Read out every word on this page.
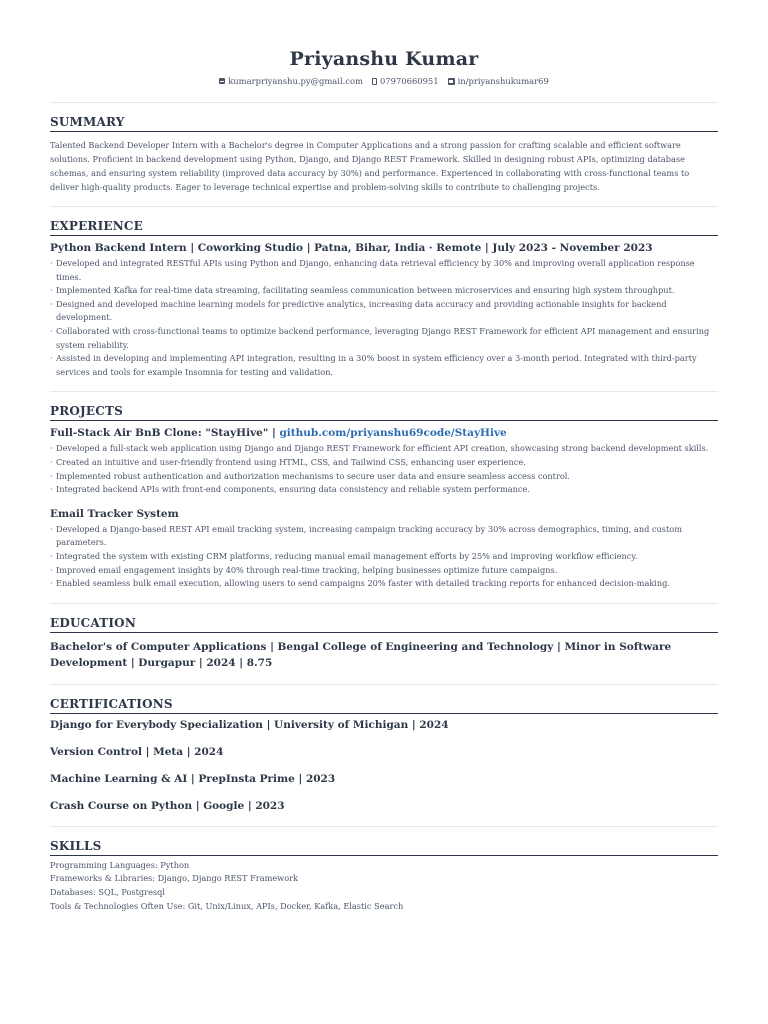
Priyanshu Kumar
kumarpriyanshu.py@gmail.com 07970660951 in/priyanshukumar69
SUMMARY

Talented Backend Developer Intern with a Bachelor's degree in Computer Applications and a strong passion for crafting scalable and efficient software solutions. Proficient in backend development using Python, Django, and Django REST Framework. Skilled in designing robust APIs, optimizing database schemas, and ensuring system reliability (improved data accuracy by 30%) and performance. Experienced in collaborating with cross-functional teams to deliver high-quality products. Eager to leverage technical expertise and problem-solving skills to contribute to challenging projects.

EXPERIENCE
Python Backend Intern | Coworking Studio | Patna, Bihar, India · Remote | July 2023 - November 2023
· Developed and integrated RESTful APIs using Python and Django, enhancing data retrieval efficiency by 30% and improving overall application response times.
· Implemented Kafka for real-time data streaming, facilitating seamless communication between microservices and ensuring high system throughput.
· Designed and developed machine learning models for predictive analytics, increasing data accuracy and providing actionable insights for backend development.
· Collaborated with cross-functional teams to optimize backend performance, leveraging Django REST Framework for efficient API management and ensuring system reliability.
· Assisted in developing and implementing API integration, resulting in a 30% boost in system efficiency over a 3-month period. Integrated with third-party services and tools for example Insomnia for testing and validation.
PROJECTS
Full-Stack Air BnB Clone: "StayHive" | github.com/priyanshu69code/StayHive
· Developed a full-stack web application using Django and Django REST Framework for efficient API creation, showcasing strong backend development skills.
· Created an intuitive and user-friendly frontend using HTML, CSS, and Tailwind CSS, enhancing user experience.
· Implemented robust authentication and authorization mechanisms to secure user data and ensure seamless access control.
· Integrated backend APIs with front-end components, ensuring data consistency and reliable system performance.
Email Tracker System
· Developed a Django-based REST API email tracking system, increasing campaign tracking accuracy by 30% across demographics, timing, and custom parameters.
· Integrated the system with existing CRM platforms, reducing manual email management efforts by 25% and improving workflow efficiency.
· Improved email engagement insights by 40% through real-time tracking, helping businesses optimize future campaigns.
· Enabled seamless bulk email execution, allowing users to send campaigns 20% faster with detailed tracking reports for enhanced decision-making.
EDUCATION
Bachelor's of Computer Applications | Bengal College of Engineering and Technology | Minor in Software Development | Durgapur | 2024 | 8.75
CERTIFICATIONS
Django for Everybody Specialization | University of Michigan | 2024
Version Control | Meta | 2024
Machine Learning & AI | PrepInsta Prime | 2023
Crash Course on Python | Google | 2023
SKILLS
Programming Languages: Python
Frameworks & Libraries: Django, Django REST Framework
Databases: SQL, Postgresql
Tools & Technologies Often Use: Git, Unix/Linux, APIs, Docker, Kafka, Elastic Search
